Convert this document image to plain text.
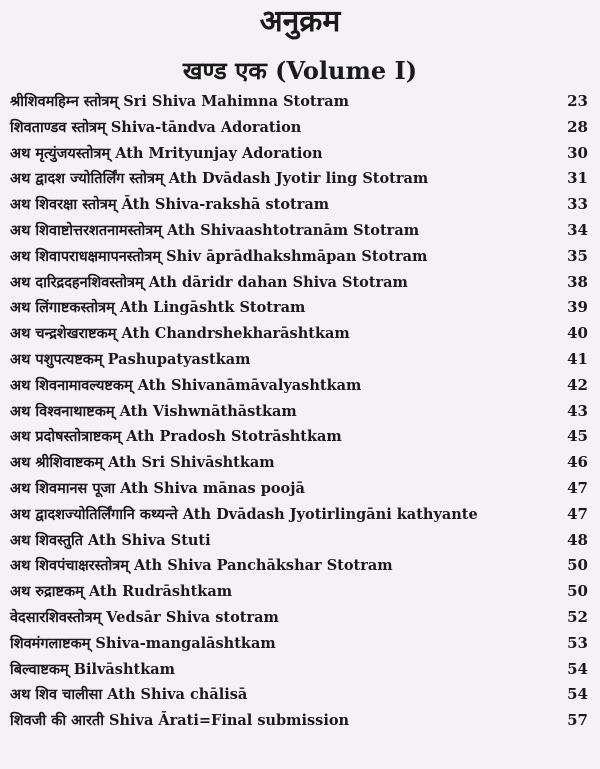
अनुक्रम
खण्ड एक (Volume I)
श्रीशिवमहिम्न स्तोत्रम् Sri Shiva Mahimna Stotram	23
शिवताण्डव स्तोत्रम् Shiva-tāndva Adoration	28
अथ मृत्युंजयस्तोत्रम् Ath Mrityunjay Adoration	30
अथ द्वादश ज्योतिर्लिंग स्तोत्रम् Ath Dvādash Jyotir ling Stotram	31
अथ शिवरक्षा स्तोत्रम् Āth Shiva-rakshā stotram	33
अथ शिवाष्टोत्तरशतनामस्तोत्रम् Ath Shivaashtotranām Stotram	34
अथ शिवापराधक्षमापनस्तोत्रम् Shiv āprādhakshmāpan Stotram	35
अथ दारिद्रदहनशिवस्तोत्रम् Ath dāridr dahan Shiva Stotram	38
अथ लिंगाष्टकस्तोत्रम् Ath Lingāshtk Stotram	39
अथ चन्द्रशेखराष्टकम् Ath Chandrshekharāshtkam	40
अथ पशुपत्यष्टकम् Pashupatyastkam	41
अथ शिवनामावल्यष्टकम् Ath Shivanāmāvalyashtkam	42
अथ विश्वनाथाष्टकम् Ath Vishwnāthāstkam	43
अथ प्रदोषस्तोत्राष्टकम् Ath Pradosh Stotrāshtkam	45
अथ श्रीशिवाष्टकम् Ath Sri Shivāshtkam	46
अथ शिवमानस पूजा Ath Shiva mānas poojā	47
अथ द्वादशज्योतिर्लिंगानि कथ्यन्ते Ath Dvādash Jyotirlingāni kathyante	47
अथ शिवस्तुति Ath Shiva Stuti	48
अथ शिवपंचाक्षरस्तोत्रम् Ath Shiva Panchākshar Stotram	50
अथ रुद्राष्टकम् Ath Rudrāshtkam	50
वेदसारशिवस्तोत्रम् Vedsār Shiva stotram	52
शिवमंगलाष्टकम् Shiva-mangalāshtkam	53
बिल्वाष्टकम् Bilvāshtkam	54
अथ शिव चालीसा Ath Shiva chālisā	54
शिवजी की आरती Shiva Ārati=Final submission	57
